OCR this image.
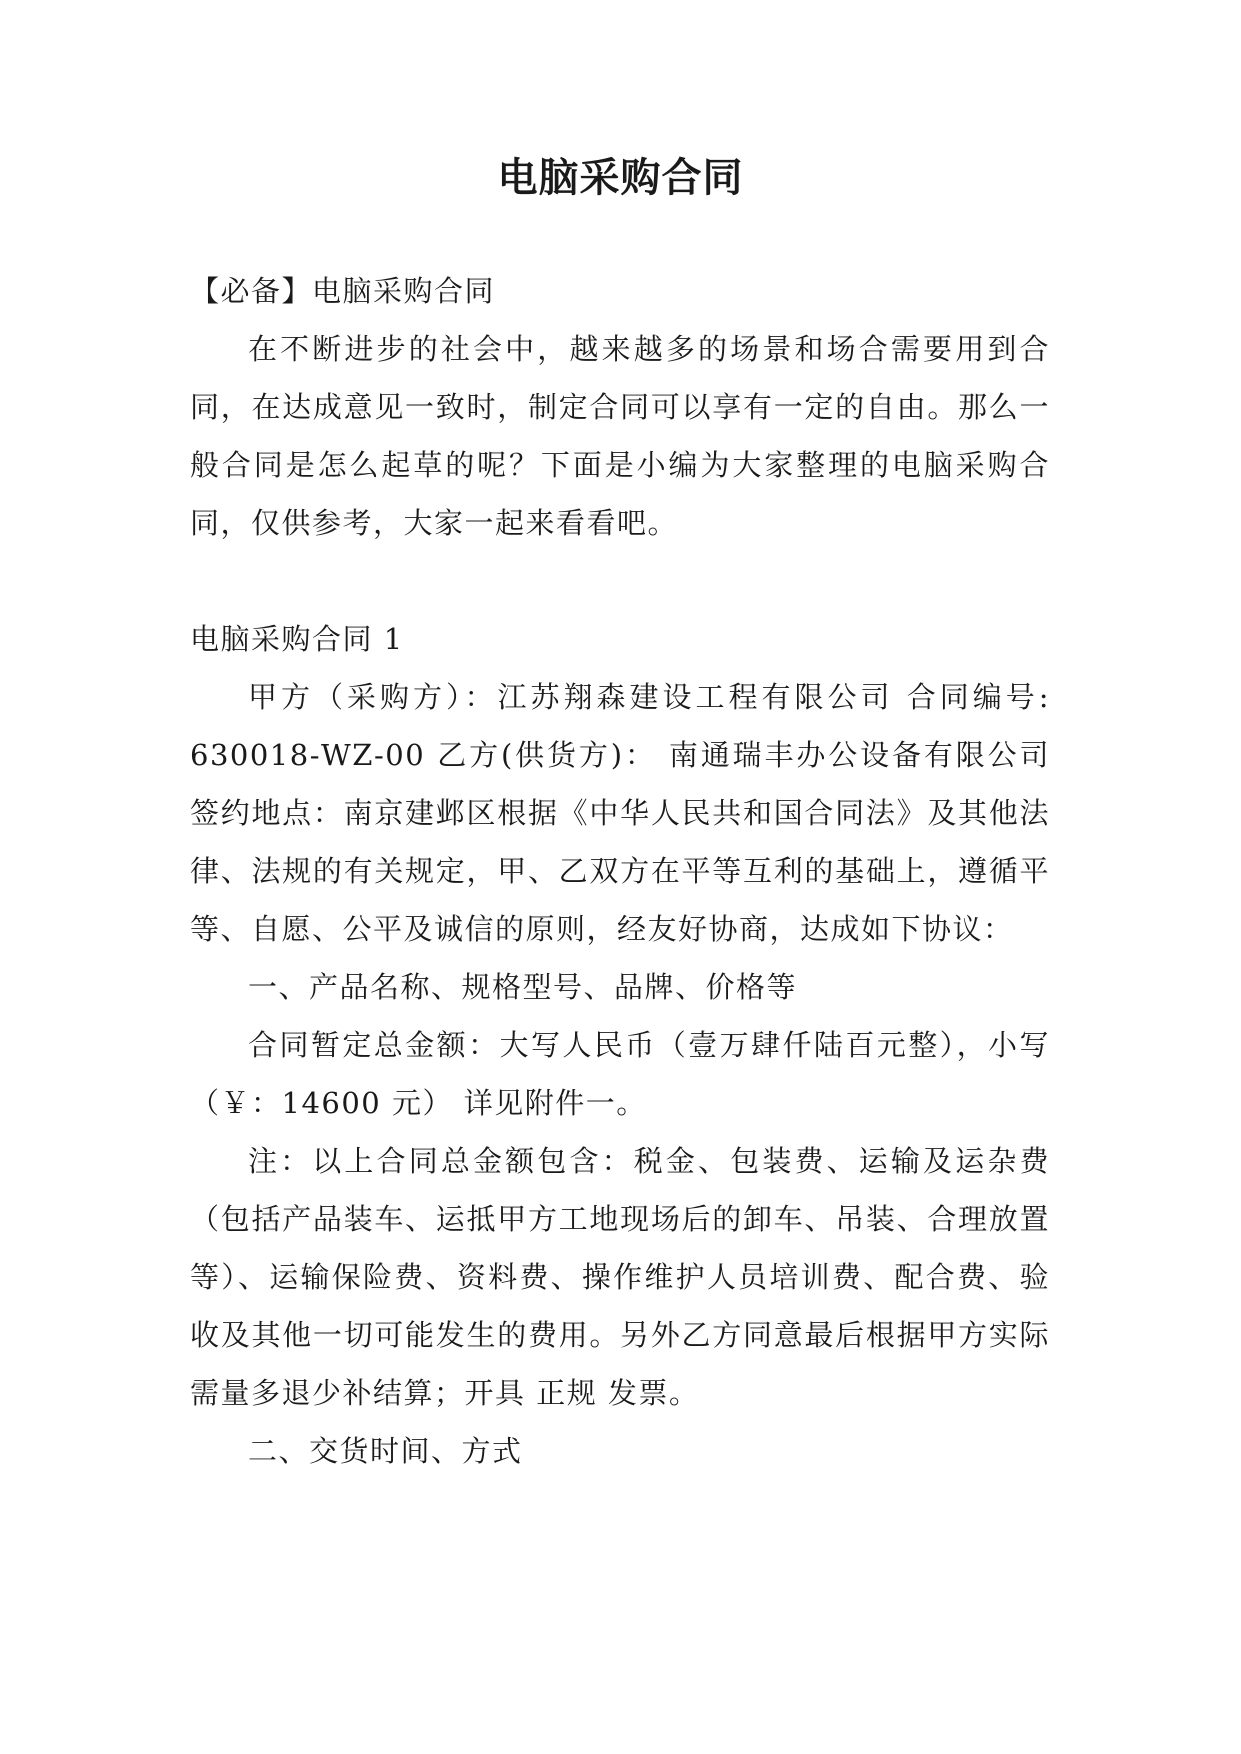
电脑采购合同

【必备】电脑采购合同

在不断进步的社会中，越来越多的场景和场合需要用到合同，在达成意见一致时，制定合同可以享有一定的自由。那么一般合同是怎么起草的呢？下面是小编为大家整理的电脑采购合同，仅供参考，大家一起来看看吧。

电脑采购合同 1

甲方（采购方）：江苏翔森建设工程有限公司 合同编号: 630018-WZ-00 乙方(供货方)： 南通瑞丰办公设备有限公司 签约地点：南京建邺区根据《中华人民共和国合同法》及其他法律、法规的有关规定，甲、乙双方在平等互利的基础上，遵循平等、自愿、公平及诚信的原则，经友好协商，达成如下协议：

一、产品名称、规格型号、品牌、价格等

合同暂定总金额：大写人民币（壹万肆仟陆百元整），小写（￥：14600 元） 详见附件一。

注：以上合同总金额包含：税金、包装费、运输及运杂费（包括产品装车、运抵甲方工地现场后的卸车、吊装、合理放置等）、运输保险费、资料费、操作维护人员培训费、配合费、验收及其他一切可能发生的费用。另外乙方同意最后根据甲方实际需量多退少补结算；开具 正规 发票。

二、交货时间、方式
